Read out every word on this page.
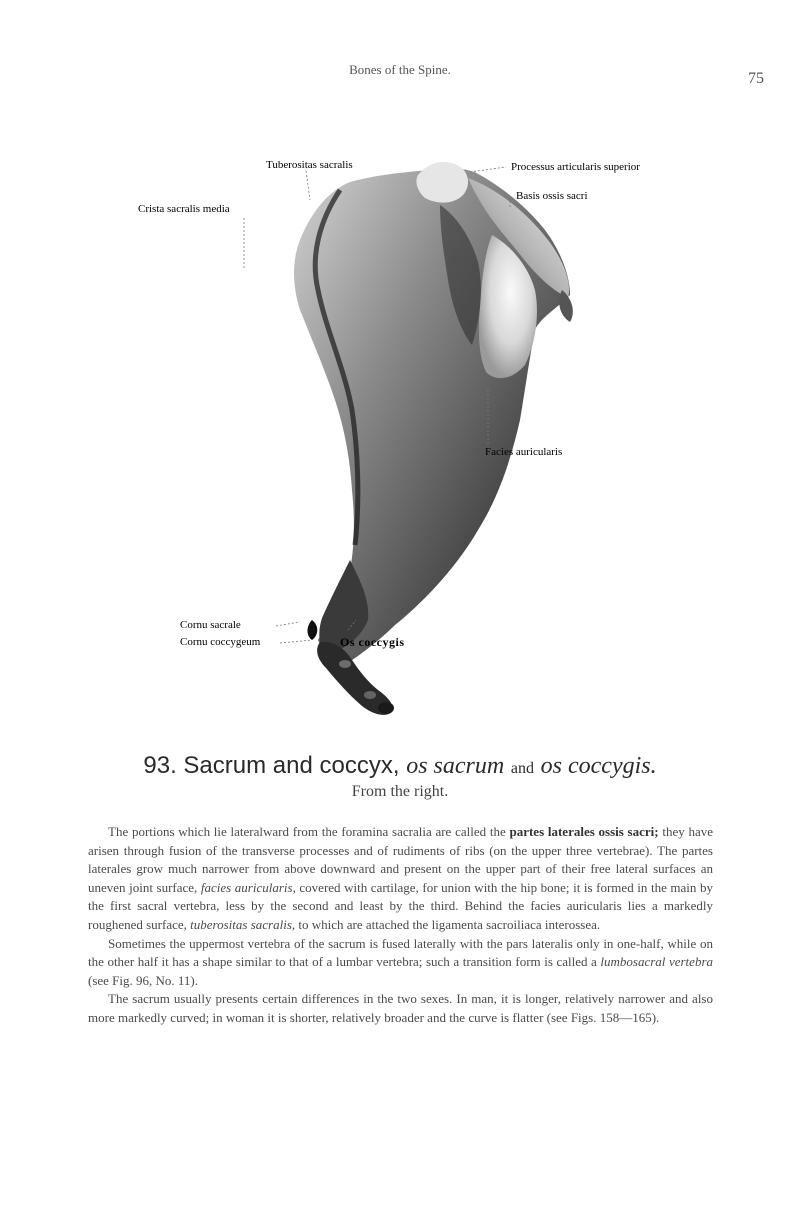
Bones of the Spine.
75
Tuberositas sacralis	Processus articularis superior
Crista sacralis media
Basis ossis sacri
Facies auricularis
Cornu sacrale
Cornu coccygeum	Os coccygis
93. Sacrum and coccyx, os sacrum and os coccygis.
From the right.

The portions which lie lateralward from the foramina sacralia are called the partes laterales ossis sacri; they have arisen through fusion of the transverse processes and of rudiments of ribs (on the upper three vertebrae). The partes laterales grow much narrower from above downward and present on the upper part of their free lateral surfaces an uneven joint surface, facies auricularis, covered with cartilage, for union with the hip bone; it is formed in the main by the first sacral vertebra, less by the second and least by the third. Behind the facies auricularis lies a markedly roughened surface, tuberositas sacralis, to which are attached the ligamenta sacroiliaca interossea.

Sometimes the uppermost vertebra of the sacrum is fused laterally with the pars lateralis only in one-half, while on the other half it has a shape similar to that of a lumbar vertebra; such a transition form is called a lumbosacral vertebra (see Fig. 96, No. 11).

The sacrum usually presents certain differences in the two sexes. In man, it is longer, relatively narrower and also more markedly curved; in woman it is shorter, relatively broader and the curve is flatter (see Figs. 158—165).
